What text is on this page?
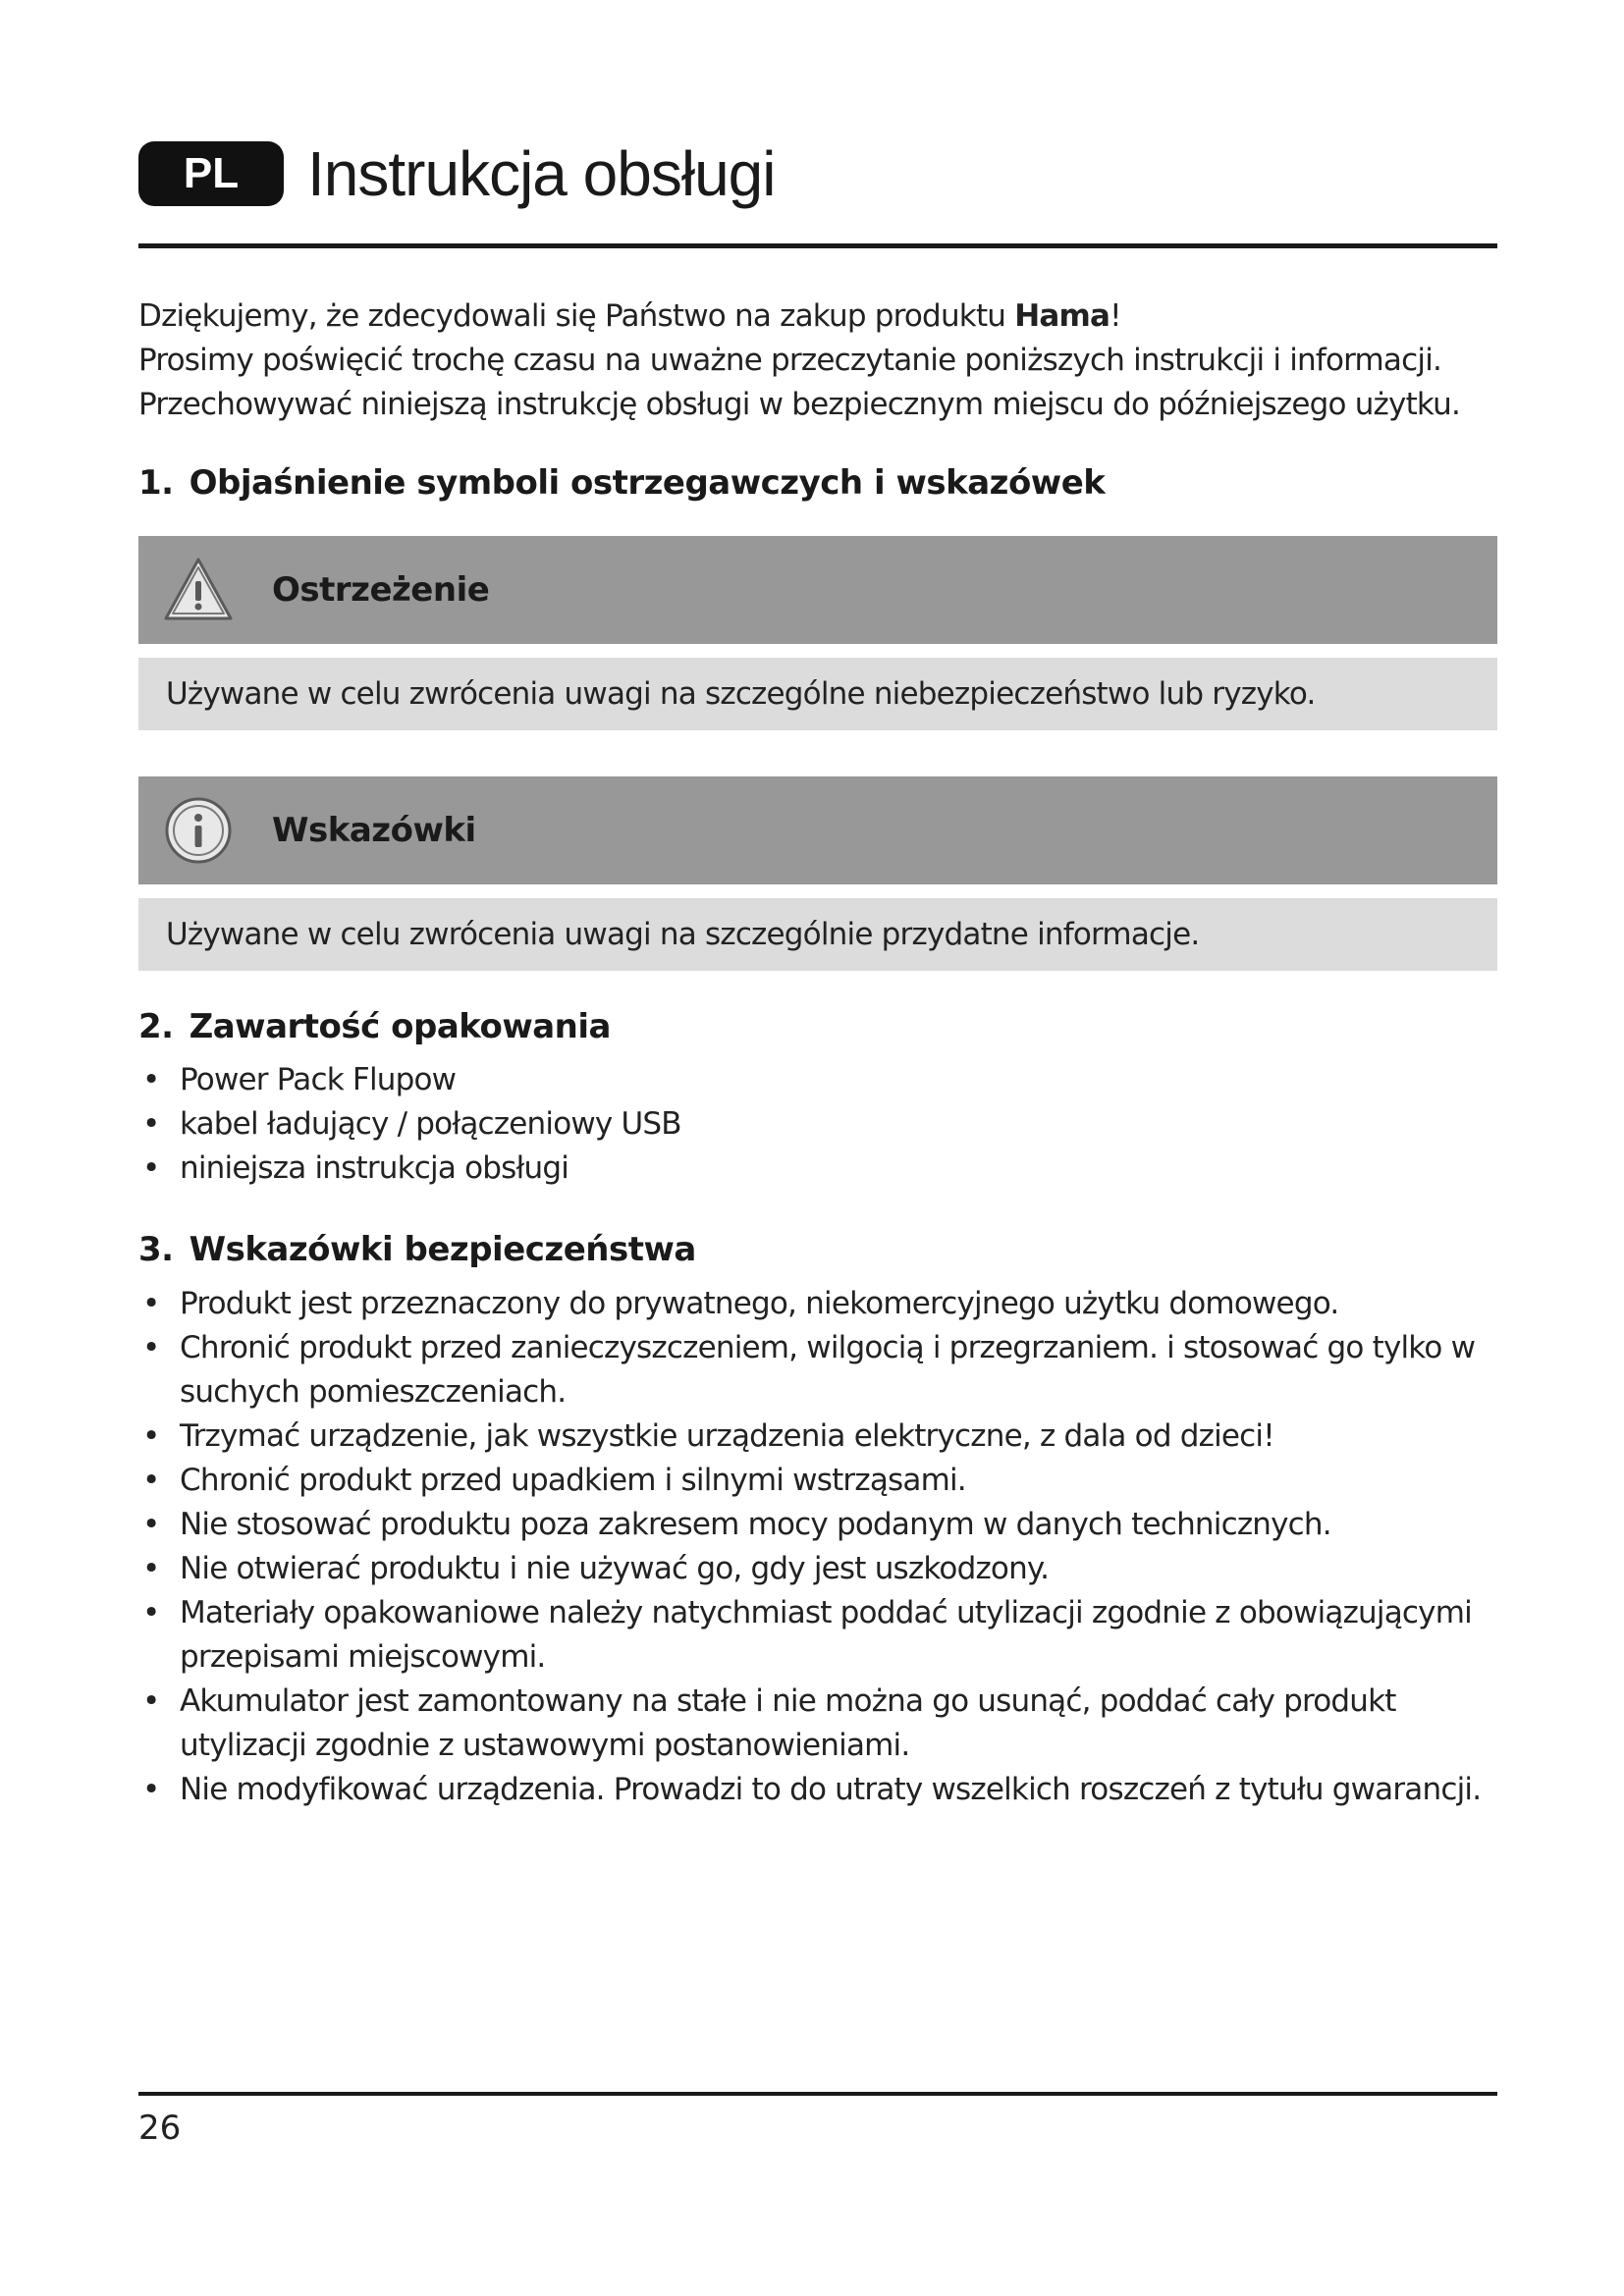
PL	Instrukcja obsługi
Dziękujemy, że zdecydowali się Państwo na zakup produktu Hama!
Prosimy poświęcić trochę czasu na uważne przeczytanie poniższych instrukcji i informacji.
Przechowywać niniejszą instrukcję obsługi w bezpiecznym miejscu do późniejszego użytku.
1. Objaśnienie symboli ostrzegawczych i wskazówek
Ostrzeżenie
Używane w celu zwrócenia uwagi na szczególne niebezpieczeństwo lub ryzyko.
Wskazówki
Używane w celu zwrócenia uwagi na szczególnie przydatne informacje.
2. Zawartość opakowania
• Power Pack Flupow
• kabel ładujący / połączeniowy USB
• niniejsza instrukcja obsługi
3. Wskazówki bezpieczeństwa
• Produkt jest przeznaczony do prywatnego, niekomercyjnego użytku domowego.
• Chronić produkt przed zanieczyszczeniem, wilgocią i przegrzaniem. i stosować go tylko w suchych pomieszczeniach.
• Trzymać urządzenie, jak wszystkie urządzenia elektryczne, z dala od dzieci!
• Chronić produkt przed upadkiem i silnymi wstrząsami.
• Nie stosować produktu poza zakresem mocy podanym w danych technicznych.
• Nie otwierać produktu i nie używać go, gdy jest uszkodzony.
• Materiały opakowaniowe należy natychmiast poddać utylizacji zgodnie z obowiązującymi przepisami miejscowymi.
• Akumulator jest zamontowany na stałe i nie można go usunąć, poddać cały produkt utylizacji zgodnie z ustawowymi postanowieniami.
• Nie modyfikować urządzenia. Prowadzi to do utraty wszelkich roszczeń z tytułu gwarancji.
26
